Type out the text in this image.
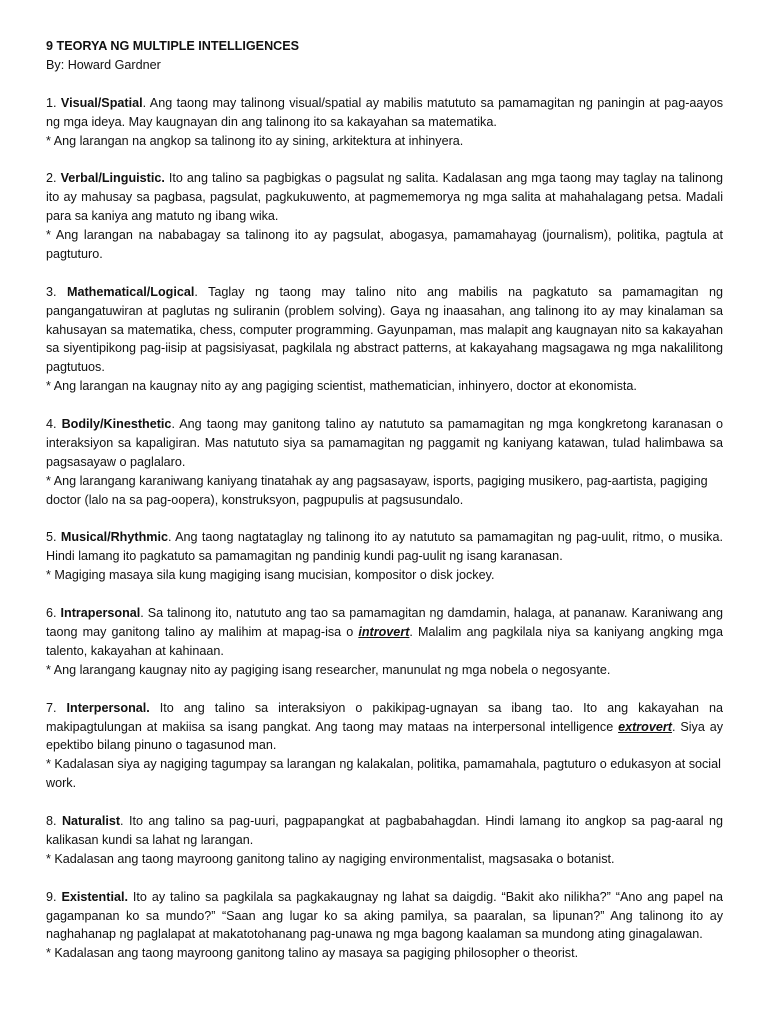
9 TEORYA NG MULTIPLE INTELLIGENCES

By: Howard Gardner

1. Visual/Spatial. Ang taong may talinong visual/spatial ay mabilis matututo sa pamamagitan ng paningin at pag-aayos ng mga ideya. May kaugnayan din ang talinong ito sa kakayahan sa matematika.

* Ang larangan na angkop sa talinong ito ay sining, arkitektura at inhinyera.

2. Verbal/Linguistic. Ito ang talino sa pagbigkas o pagsulat ng salita. Kadalasan ang mga taong may taglay na talinong ito ay mahusay sa pagbasa, pagsulat, pagkukuwento, at pagmememorya ng mga salita at mahahalagang petsa. Madali para sa kaniya ang matuto ng ibang wika.

* Ang larangan na nababagay sa talinong ito ay pagsulat, abogasya, pamamahayag (journalism), politika, pagtula at pagtuturo.

3. Mathematical/Logical. Taglay ng taong may talino nito ang mabilis na pagkatuto sa pamamagitan ng pangangatuwiran at paglutas ng suliranin (problem solving). Gaya ng inaasahan, ang talinong ito ay may kinalaman sa kahusayan sa matematika, chess, computer programming. Gayunpaman, mas malapit ang kaugnayan nito sa kakayahan sa siyentipikong pag-iisip at pagsisiyasat, pagkilala ng abstract patterns, at kakayahang magsagawa ng mga nakalilitong pagtutuos.

* Ang larangan na kaugnay nito ay ang pagiging scientist, mathematician, inhinyero, doctor at ekonomista.

4. Bodily/Kinesthetic. Ang taong may ganitong talino ay natututo sa pamamagitan ng mga kongkretong karanasan o interaksiyon sa kapaligiran. Mas natututo siya sa pamamagitan ng paggamit ng kaniyang katawan, tulad halimbawa sa pagsasayaw o paglalaro.

* Ang larangang karaniwang kaniyang tinatahak ay ang pagsasayaw, isports, pagiging musikero, pag-aartista, pagiging doctor (lalo na sa pag-oopera), konstruksyon, pagpupulis at pagsusundalo.

5. Musical/Rhythmic. Ang taong nagtataglay ng talinong ito ay natututo sa pamamagitan ng pag-uulit, ritmo, o musika. Hindi lamang ito pagkatuto sa pamamagitan ng pandinig kundi pag-uulit ng isang karanasan.

* Magiging masaya sila kung magiging isang mucisian, kompositor o disk jockey.

6. Intrapersonal. Sa talinong ito, natututo ang tao sa pamamagitan ng damdamin, halaga, at pananaw. Karaniwang ang taong may ganitong talino ay malihim at mapag-isa o introvert. Malalim ang pagkilala niya sa kaniyang angking mga talento, kakayahan at kahinaan.

* Ang larangang kaugnay nito ay pagiging isang researcher, manunulat ng mga nobela o negosyante.

7. Interpersonal. Ito ang talino sa interaksiyon o pakikipag-ugnayan sa ibang tao. Ito ang kakayahan na makipagtulungan at makiisa sa isang pangkat. Ang taong may mataas na interpersonal intelligence extrovert. Siya ay epektibo bilang pinuno o tagasunod man.

* Kadalasan siya ay nagiging tagumpay sa larangan ng kalakalan, politika, pamamahala, pagtuturo o edukasyon at social work.

8. Naturalist. Ito ang talino sa pag-uuri, pagpapangkat at pagbabahagdan. Hindi lamang ito angkop sa pag-aaral ng kalikasan kundi sa lahat ng larangan.

* Kadalasan ang taong mayroong ganitong talino ay nagiging environmentalist, magsasaka o botanist.

9. Existential. Ito ay talino sa pagkilala sa pagkakaugnay ng lahat sa daigdig. “Bakit ako nilikha?” “Ano ang papel na gagampanan ko sa mundo?” “Saan ang lugar ko sa aking pamilya, sa paaralan, sa lipunan?” Ang talinong ito ay naghahanap ng paglalapat at makatotohanang pag-unawa ng mga bagong kaalaman sa mundong ating ginagalawan.

* Kadalasan ang taong mayroong ganitong talino ay masaya sa pagiging philosopher o theorist.
